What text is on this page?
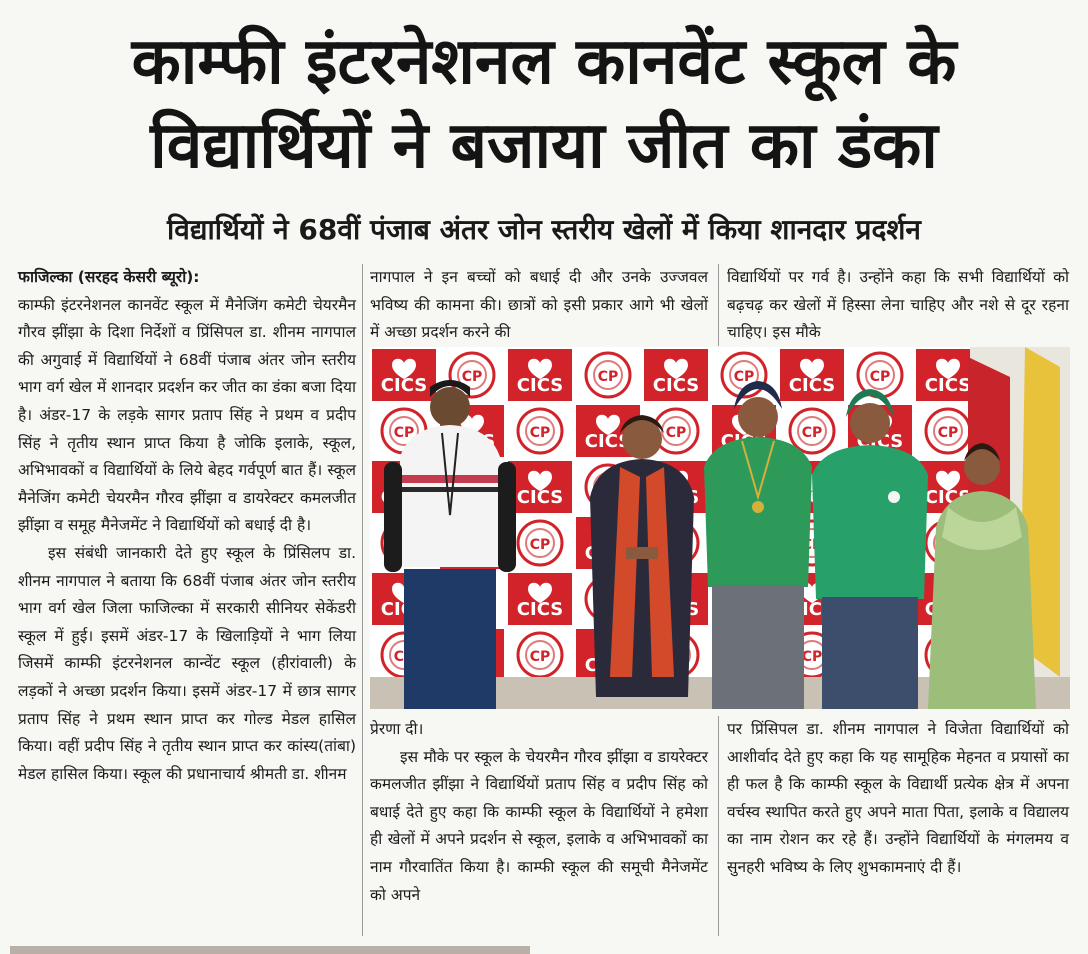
काम्फी इंटरनेशनल कानवेंट स्कूल के
विद्यार्थियों ने बजाया जीत का डंका
विद्यार्थियों ने 68वीं पंजाब अंतर जोन स्तरीय खेलों में किया शानदार प्रदर्शन

फाजिल्का (सरहद केसरी ब्यूरो):

काम्फी इंटरनेशनल कानवेंट स्कूल में मैनेजिंग कमेटी चेयरमैन गौरव झींझा के दिशा निर्देशों व प्रिंसिपल डा. शीनम नागपाल की अगुवाई में विद्यार्थियों ने 68वीं पंजाब अंतर जोन स्तरीय भाग वर्ग खेल में शानदार प्रदर्शन कर जीत का डंका बजा दिया है। अंडर-17 के लड़के सागर प्रताप सिंह ने प्रथम व प्रदीप सिंह ने तृतीय स्थान प्राप्त किया है जोकि इलाके, स्कूल, अभिभावकों व विद्यार्थियों के लिये बेहद गर्वपूर्ण बात हैं। स्कूल मैनेजिंग कमेटी चेयरमैन गौरव झींझा व डायरेक्टर कमलजीत झींझा व समूह मैनेजमेंट ने विद्यार्थियों को बधाई दी है।

इस संबंधी जानकारी देते हुए स्कूल के प्रिंसिलप डा. शीनम नागपाल ने बताया कि 68वीं पंजाब अंतर जोन स्तरीय भाग वर्ग खेल जिला फाजिल्का में सरकारी सीनियर सेकेंडरी स्कूल में हुई। इसमें अंडर-17 के खिलाड़ियों ने भाग लिया जिसमें काम्फी इंटरनेशनल कान्वेंट स्कूल (हीरांवाली) के लड़कों ने अच्छा प्रदर्शन किया। इसमें अंडर-17 में छात्र सागर प्रताप सिंह ने प्रथम स्थान प्राप्त कर गोल्ड मेडल हासिल किया। वहीं प्रदीप सिंह ने तृतीय स्थान प्राप्त कर कांस्य(तांबा) मेडल हासिल किया। स्कूल की प्रधानाचार्य श्रीमती डा. शीनम

नागपाल ने इन बच्चों को बधाई दी और उनके उज्जवल भविष्य की कामना की। छात्रों को इसी प्रकार आगे भी खेलों में अच्छा प्रदर्शन करने की

विद्यार्थियों पर गर्व है। उन्होंने कहा कि सभी विद्यार्थियों को बढ़चढ़ कर खेलों में हिस्सा लेना चाहिए और नशे से दूर रहना चाहिए। इस मौके

प्रेरणा दी।

इस मौके पर स्कूल के चेयरमैन गौरव झींझा व डायरेक्टर कमलजीत झींझा ने विद्यार्थियों प्रताप सिंह व प्रदीप सिंह को बधाई देते हुए कहा कि काम्फी स्कूल के विद्यार्थियों ने हमेशा ही खेलों में अपने प्रदर्शन से स्कूल, इलाके व अभिभावकों का नाम गौरवातिंत किया है। काम्फी स्कूल की समूची मैनेजमेंट को अपने

पर प्रिंसिपल डा. शीनम नागपाल ने विजेता विद्यार्थियों को आशीर्वाद देते हुए कहा कि यह सामूहिक मेहनत व प्रयासों का ही फल है कि काम्फी स्कूल के विद्यार्थी प्रत्येक क्षेत्र में अपना वर्चस्व स्थापित करते हुए अपने माता पिता, इलाके व विद्यालय का नाम रोशन कर रहे हैं। उन्होंने विद्यार्थियों के मंगलमय व सुनहरी भविष्य के लिए शुभकामनाएं दी हैं।
